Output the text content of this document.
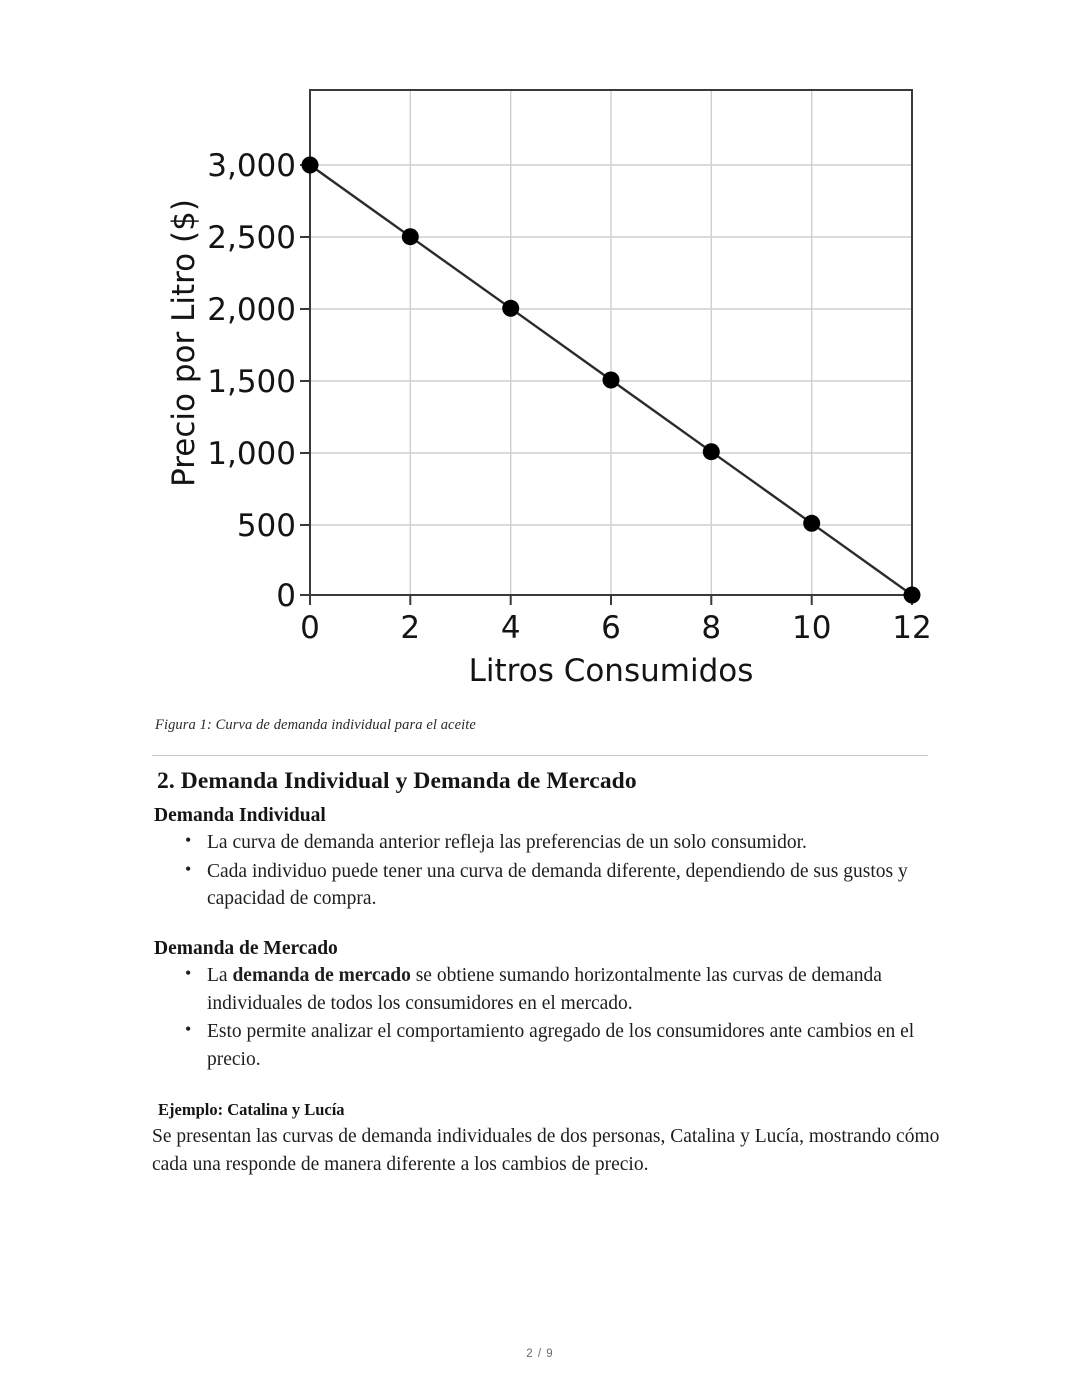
3,000
2,500
2,000
1,500
1,000
500
0
0	2	4	6	8 10 12
Litros Consumidos
Precio por Litro ($)
Figura 1: Curva de demanda individual para el aceite
2. Demanda Individual y Demanda de Mercado
Demanda Individual
• La curva de demanda anterior refleja las preferencias de un solo consumidor.
• Cada individuo puede tener una curva de demanda diferente, dependiendo de sus gustos y capacidad de compra.
Demanda de Mercado
• La demanda de mercado se obtiene sumando horizontalmente las curvas de demanda individuales de todos los consumidores en el mercado.
• Esto permite analizar el comportamiento agregado de los consumidores ante cambios en el precio.
Ejemplo: Catalina y Lucía

Se presentan las curvas de demanda individuales de dos personas, Catalina y Lucía, mostrando cómo cada una responde de manera diferente a los cambios de precio.

2 / 9
